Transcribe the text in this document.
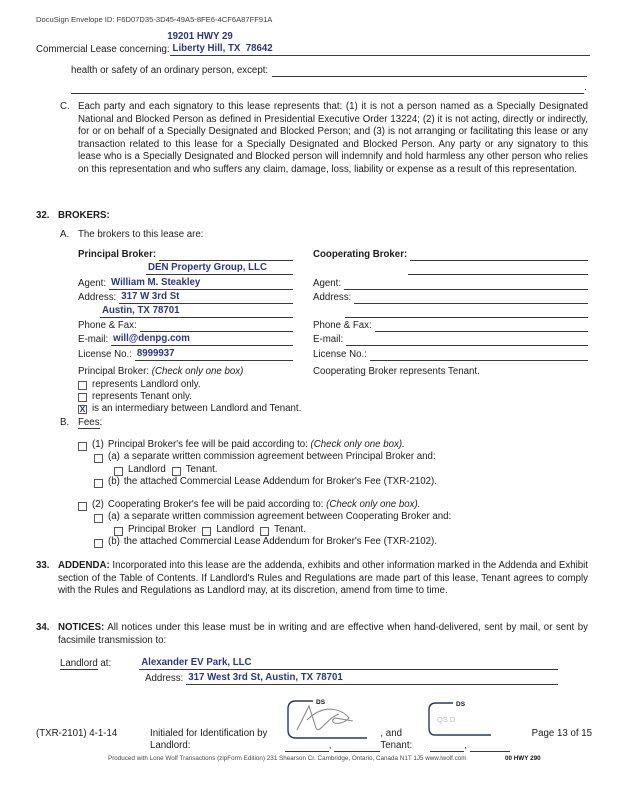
DocuSign Envelope ID: F6D07D35-3D45-49A5-8FE6-4CF6A87FF91A
19201 HWY 29
Commercial Lease concerning: Liberty Hill, TX  78642
health or safety of an ordinary person, except:
.
C. Each party and each signatory to this lease represents that: (1) it is not a person named as a Specially Designated National and Blocked Person as defined in Presidential Executive Order 13224; (2) it is not acting, directly or indirectly, for or on behalf of a Specially Designated and Blocked Person; and (3) is not arranging or facilitating this lease or any transaction related to this lease for a Specially Designated and Blocked Person. Any party or any signatory to this lease who is a Specially Designated and Blocked person will indemnify and hold harmless any other person who relies on this representation and who suffers any claim, damage, loss, liability or expense as a result of this representation.
32. BROKERS:
A. The brokers to this lease are:
Principal Broker:
DEN Property Group, LLC
Agent: William M. Steakley
Address: 317 W 3rd St
Austin, TX 78701
Phone & Fax:
E-mail: will@denpg.com
License No.: 8999937
Cooperating Broker:
Agent:
Address:
Phone & Fax:
E-mail:
License No.:
Principal Broker: (Check only one box)
represents Landlord only.
represents Tenant only.
X is an intermediary between Landlord and Tenant.
Cooperating Broker represents Tenant.
B. Fees:
(1) Principal Broker's fee will be paid according to: (Check only one box).
(a) a separate written commission agreement between Principal Broker and:
Landlord Tenant.
(b) the attached Commercial Lease Addendum for Broker's Fee (TXR-2102).
(2) Cooperating Broker's fee will be paid according to: (Check only one box).
(a) a separate written commission agreement between Cooperating Broker and:
Principal Broker Landlord Tenant.
(b) the attached Commercial Lease Addendum for Broker's Fee (TXR-2102).
33. ADDENDA: Incorporated into this lease are the addenda, exhibits and other information marked in the Addenda and Exhibit section of the Table of Contents. If Landlord's Rules and Regulations are made part of this lease, Tenant agrees to comply with the Rules and Regulations as Landlord may, at its discretion, amend from time to time.
34. NOTICES: All notices under this lease must be in writing and are effective when hand-delivered, sent by mail, or sent by facsimile transmission to:
Landlord at:	Alexander EV Park, LLC
Address: 317 West 3rd St, Austin, TX 78701
DS	DS
QS D
(TXR-2101) 4-1-14	Initialed for Identification by Landlord:	,
, and Tenant:	,
Page 13 of 15
Produced with Lone Wolf Transactions (zipForm Edition) 231 Shearson Cr. Cambridge, Ontario, Canada N1T 1J5 www.lwolf.com	00 HWY 290
